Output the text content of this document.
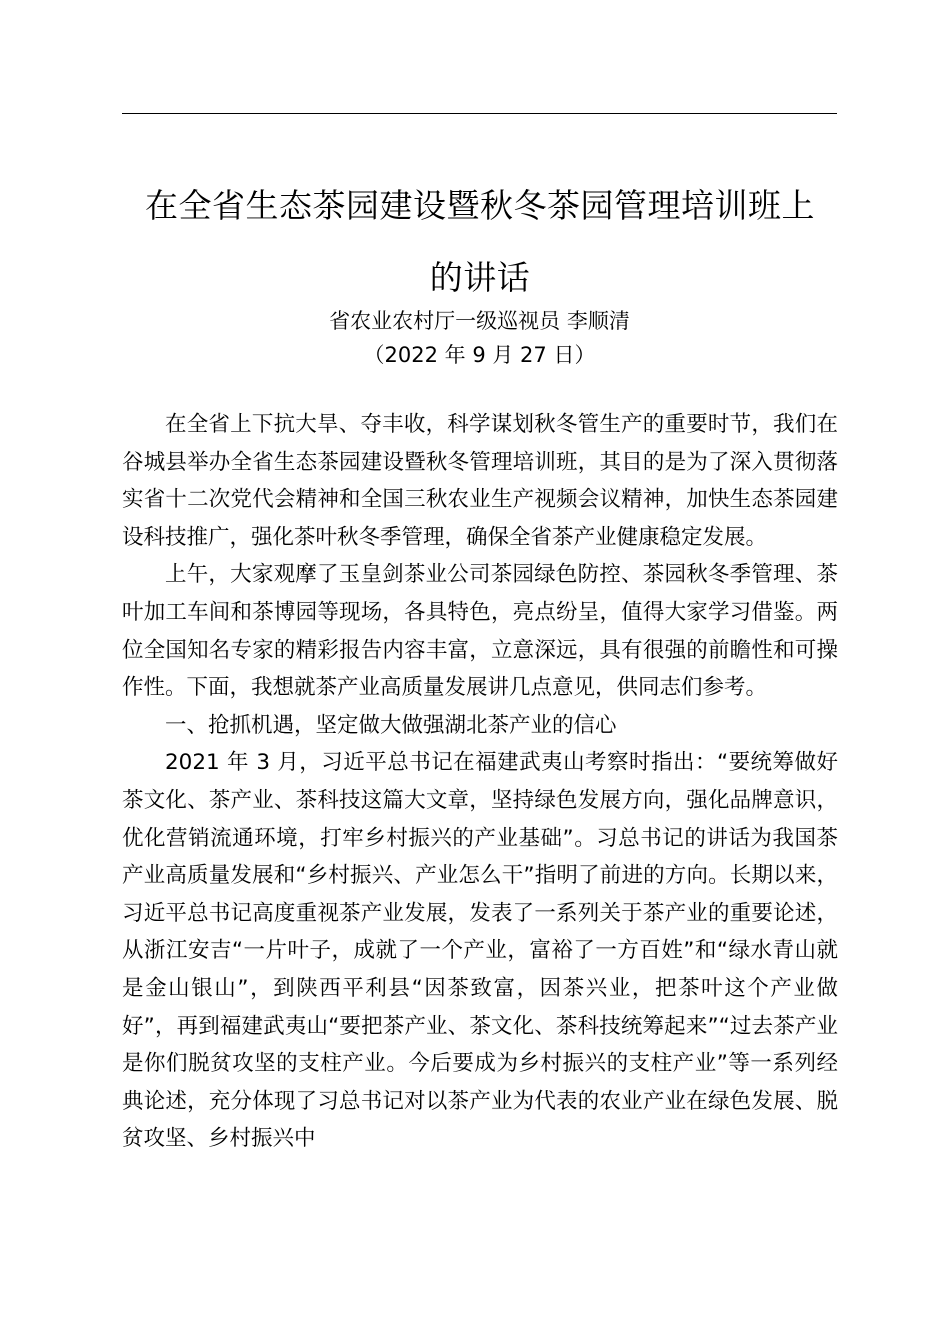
在全省生态茶园建设暨秋冬茶园管理培训班上
的讲话

省农业农村厅一级巡视员 李顺清

（2022 年 9 月 27 日）

在全省上下抗大旱、夺丰收，科学谋划秋冬管生产的重要时节，我们在谷城县举办全省生态茶园建设暨秋冬管理培训班，其目的是为了深入贯彻落实省十二次党代会精神和全国三秋农业生产视频会议精神，加快生态茶园建设科技推广，强化茶叶秋冬季管理，确保全省茶产业健康稳定发展。

上午，大家观摩了玉皇剑茶业公司茶园绿色防控、茶园秋冬季管理、茶叶加工车间和茶博园等现场，各具特色，亮点纷呈，值得大家学习借鉴。两位全国知名专家的精彩报告内容丰富，立意深远，具有很强的前瞻性和可操作性。下面，我想就茶产业高质量发展讲几点意见，供同志们参考。

一、抢抓机遇，坚定做大做强湖北茶产业的信心

2021 年 3 月，习近平总书记在福建武夷山考察时指出：“要统筹做好茶文化、茶产业、茶科技这篇大文章，坚持绿色发展方向，强化品牌意识，优化营销流通环境，打牢乡村振兴的产业基础”。习总书记的讲话为我国茶产业高质量发展和“乡村振兴、产业怎么干”指明了前进的方向。长期以来，习近平总书记高度重视茶产业发展，发表了一系列关于茶产业的重要论述，从浙江安吉“一片叶子，成就了一个产业，富裕了一方百姓”和“绿水青山就是金山银山”，到陕西平利县“因茶致富，因茶兴业，把茶叶这个产业做好”，再到福建武夷山“要把茶产业、茶文化、茶科技统筹起来”“过去茶产业是你们脱贫攻坚的支柱产业。今后要成为乡村振兴的支柱产业”等一系列经典论述，充分体现了习总书记对以茶产业为代表的农业产业在绿色发展、脱贫攻坚、乡村振兴中
